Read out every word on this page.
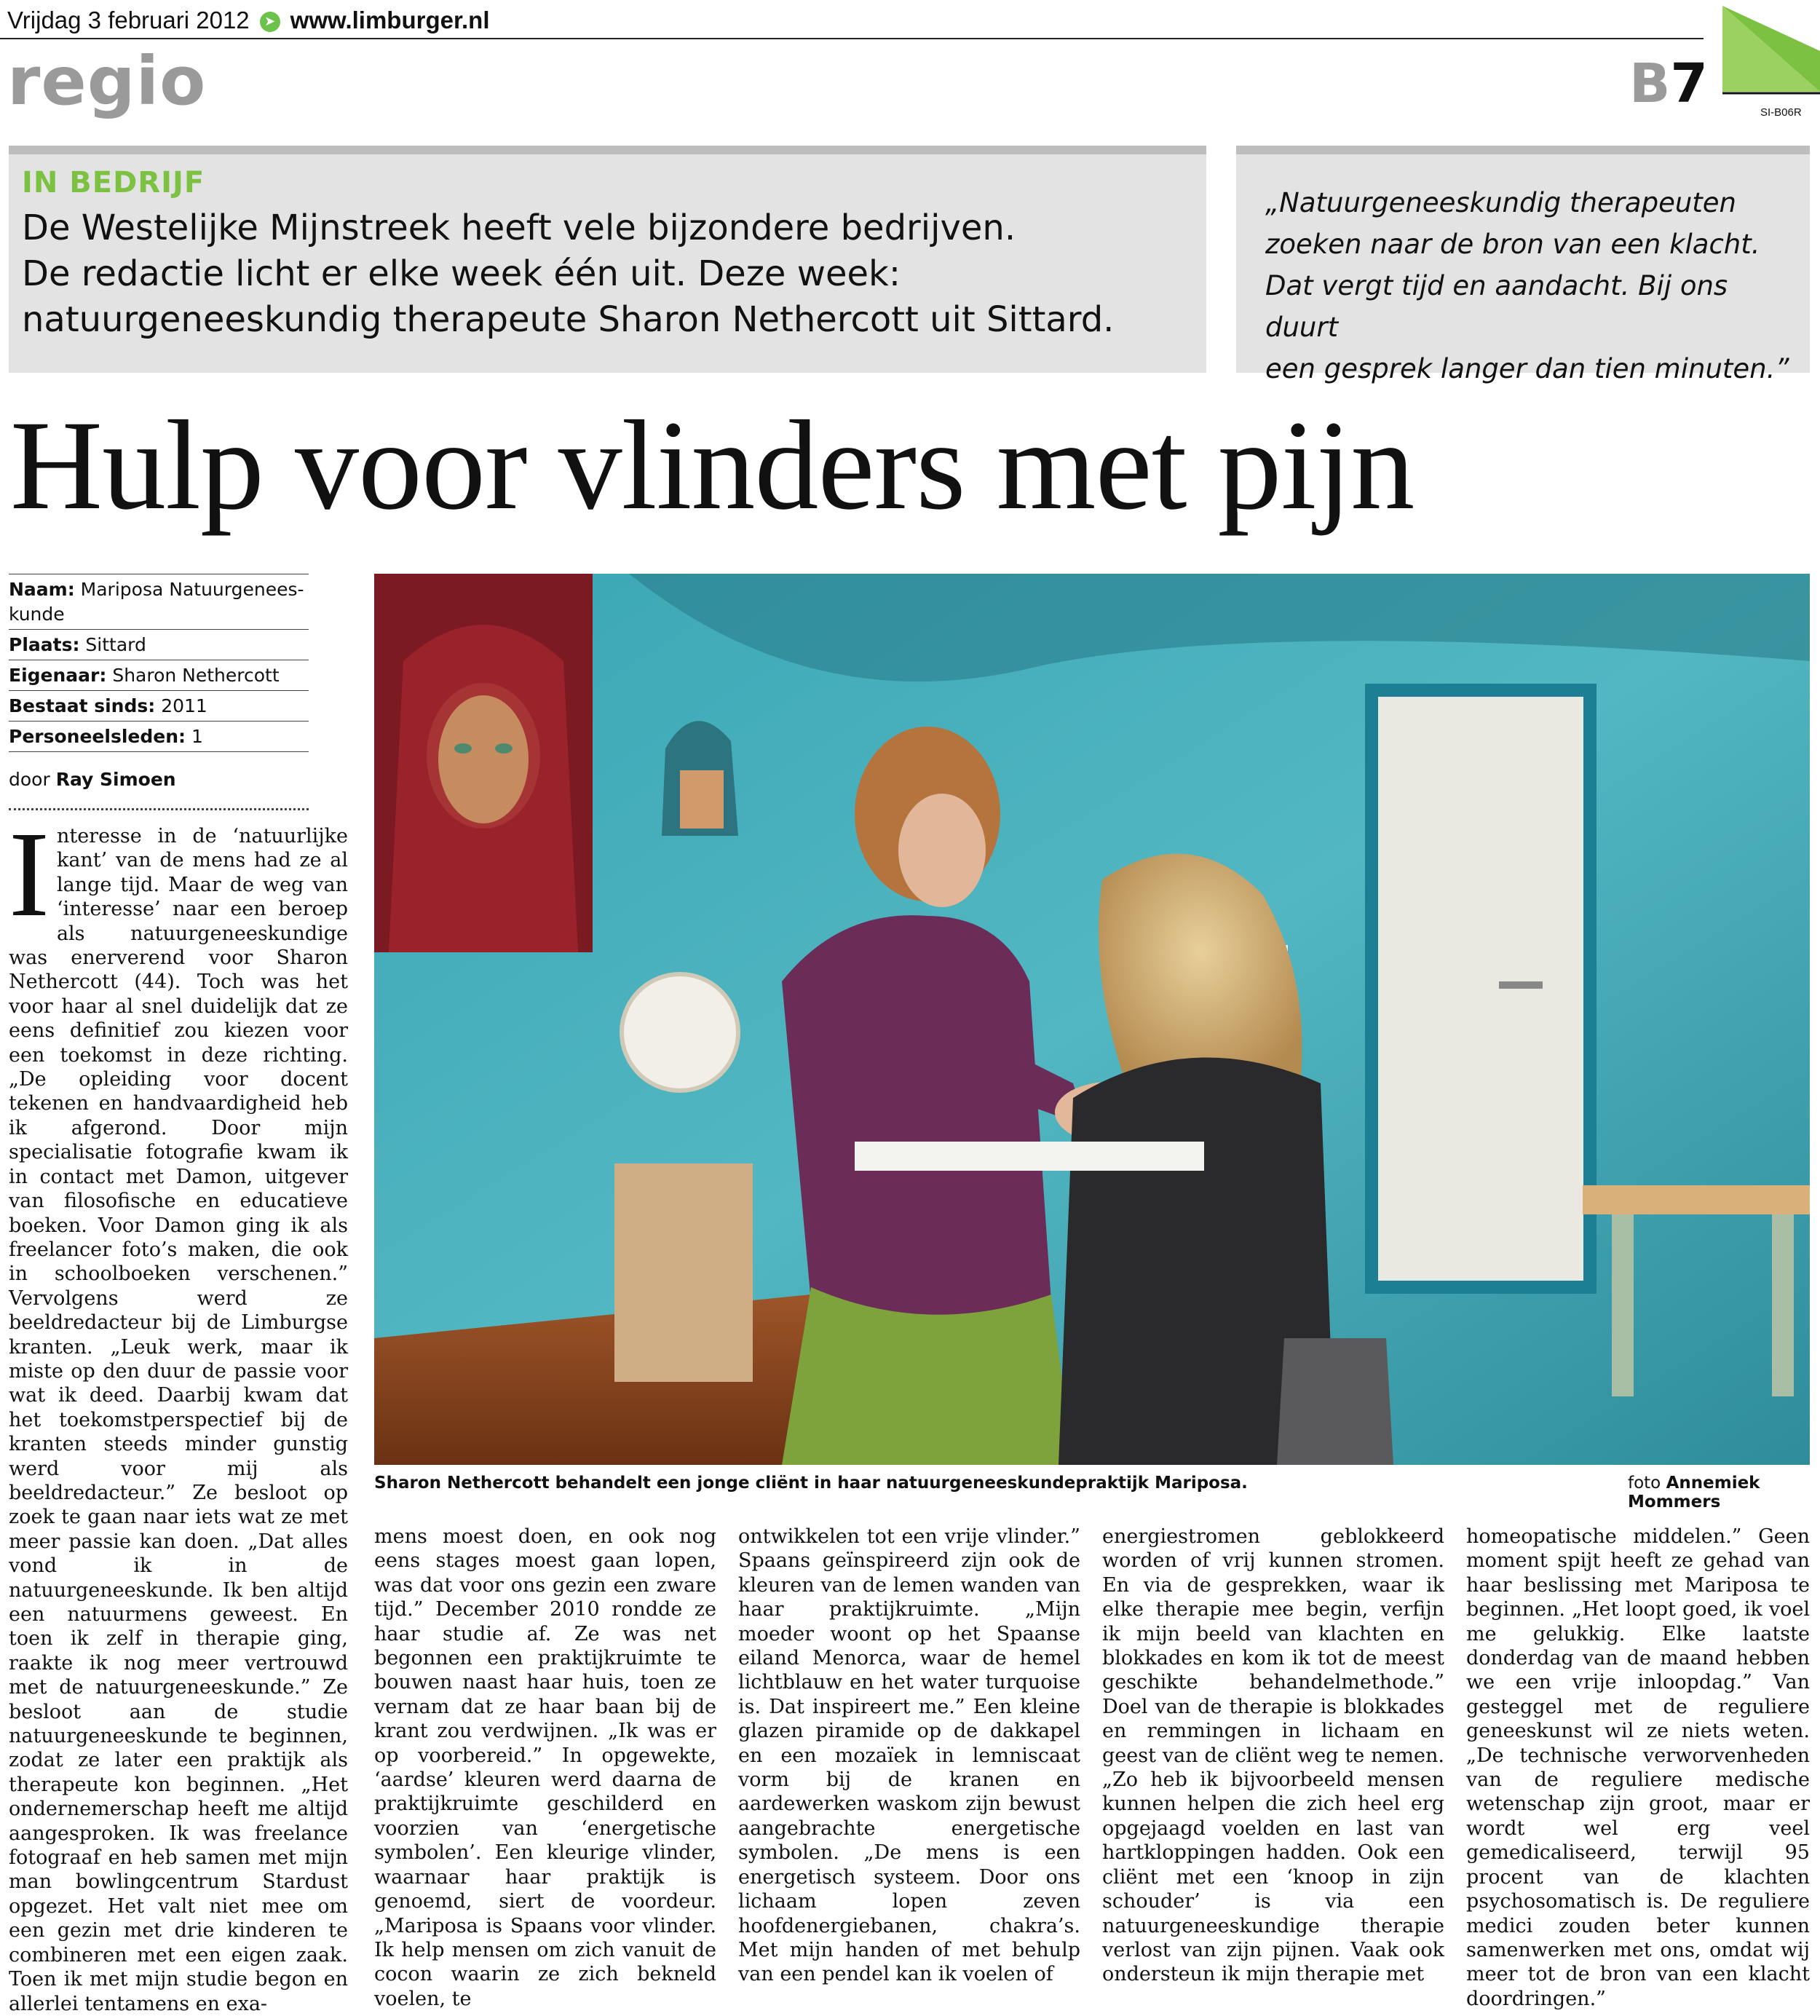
Vrijdag 3 februari 2012 ➤ www.limburger.nl
regio	B7	SI-B06R
IN BEDRIJF
De Westelijke Mijnstreek heeft vele bijzondere bedrijven.
De redactie licht er elke week één uit. Deze week:
natuurgeneeskundig therapeute Sharon Nethercott uit Sittard.
„Natuurgeneeskundig therapeuten
zoeken naar de bron van een klacht.
Dat vergt tijd en aandacht. Bij ons duurt
een gesprek langer dan tien minuten.”
Hulp voor vlinders met pijn
Naam: Mariposa Natuurgenees-kunde
Plaats: Sittard
Eigenaar: Sharon Nethercott
Bestaat sinds: 2011
Personeelsleden: 1
door Ray Simoen
Sharon Nethercott behandelt een jonge cliënt in haar natuurgeneeskundepraktijk Mariposa.	foto Annemiek Mommers
I nteresse in de ‘natuurlijke kant’ van de mens had ze al lange tijd. Maar de weg van ‘interesse’ naar een beroep als natuurgeneeskundige was enerverend voor Sharon Nethercott (44). Toch was het voor haar al snel duidelijk dat ze eens definitief zou kiezen voor een toekomst in deze richting. „De opleiding voor docent tekenen en handvaardigheid heb ik afgerond. Door mijn specialisatie fotografie kwam ik in contact met Damon, uitgever van filosofische en educatieve boeken. Voor Damon ging ik als freelancer foto’s maken, die ook in schoolboeken verschenen.” Vervolgens werd ze beeldredacteur bij de Limburgse kranten. „Leuk werk, maar ik miste op den duur de passie voor wat ik deed. Daarbij kwam dat het toekomstperspectief bij de kranten steeds minder gunstig werd voor mij als beeldredacteur.” Ze besloot op zoek te gaan naar iets wat ze met meer passie kan doen. „Dat alles vond ik in de natuurgeneeskunde. Ik ben altijd een natuurmens geweest. En toen ik zelf in therapie ging, raakte ik nog meer vertrouwd met de natuurgeneeskunde.” Ze besloot aan de studie natuurgeneeskunde te beginnen, zodat ze later een praktijk als therapeute kon beginnen. „Het ondernemerschap heeft me altijd aangesproken. Ik was freelance fotograaf en heb samen met mijn man bowlingcentrum Stardust opgezet. Het valt niet mee om een gezin met drie kinderen te combineren met een eigen zaak. Toen ik met mijn studie begon en allerlei tentamens en exa-

mens moest doen, en ook nog eens stages moest gaan lopen, was dat voor ons gezin een zware tijd.” December 2010 rondde ze haar studie af. Ze was net begonnen een praktijkruimte te bouwen naast haar huis, toen ze vernam dat ze haar baan bij de krant zou verdwijnen. „Ik was er op voorbereid.” In opgewekte, ‘aardse’ kleuren werd daarna de praktijkruimte geschilderd en voorzien van ‘energetische symbolen’. Een kleurige vlinder, waarnaar haar praktijk is genoemd, siert de voordeur. „Mariposa is Spaans voor vlinder. Ik help mensen om zich vanuit de cocon waarin ze zich bekneld voelen, te

ontwikkelen tot een vrije vlinder.” Spaans geïnspireerd zijn ook de kleuren van de lemen wanden van haar praktijkruimte. „Mijn moeder woont op het Spaanse eiland Menorca, waar de hemel lichtblauw en het water turquoise is. Dat inspireert me.” Een kleine glazen piramide op de dakkapel en een mozaïek in lemniscaat vorm bij de kranen en aardewerken waskom zijn bewust aangebrachte energetische symbolen. „De mens is een energetisch systeem. Door ons lichaam lopen zeven hoofdenergiebanen, chakra’s. Met mijn handen of met behulp van een pendel kan ik voelen of

energiestromen geblokkeerd worden of vrij kunnen stromen. En via de gesprekken, waar ik elke therapie mee begin, verfijn ik mijn beeld van klachten en blokkades en kom ik tot de meest geschikte behandelmethode.” Doel van de therapie is blokkades en remmingen in lichaam en geest van de cliënt weg te nemen. „Zo heb ik bijvoorbeeld mensen kunnen helpen die zich heel erg opgejaagd voelden en last van hartkloppingen hadden. Ook een cliënt met een ‘knoop in zijn schouder’ is via een natuurgeneeskundige therapie verlost van zijn pijnen. Vaak ook ondersteun ik mijn therapie met

homeopatische middelen.” Geen moment spijt heeft ze gehad van haar beslissing met Mariposa te beginnen. „Het loopt goed, ik voel me gelukkig. Elke laatste donderdag van de maand hebben we een vrije inloopdag.” Van gesteggel met de reguliere geneeskunst wil ze niets weten. „De technische verworvenheden van de reguliere medische wetenschap zijn groot, maar er wordt wel erg veel gemedicaliseerd, terwijl 95 procent van de klachten psychosomatisch is. De reguliere medici zouden beter kunnen samenwerken met ons, omdat wij meer tot de bron van een klacht doordringen.”
